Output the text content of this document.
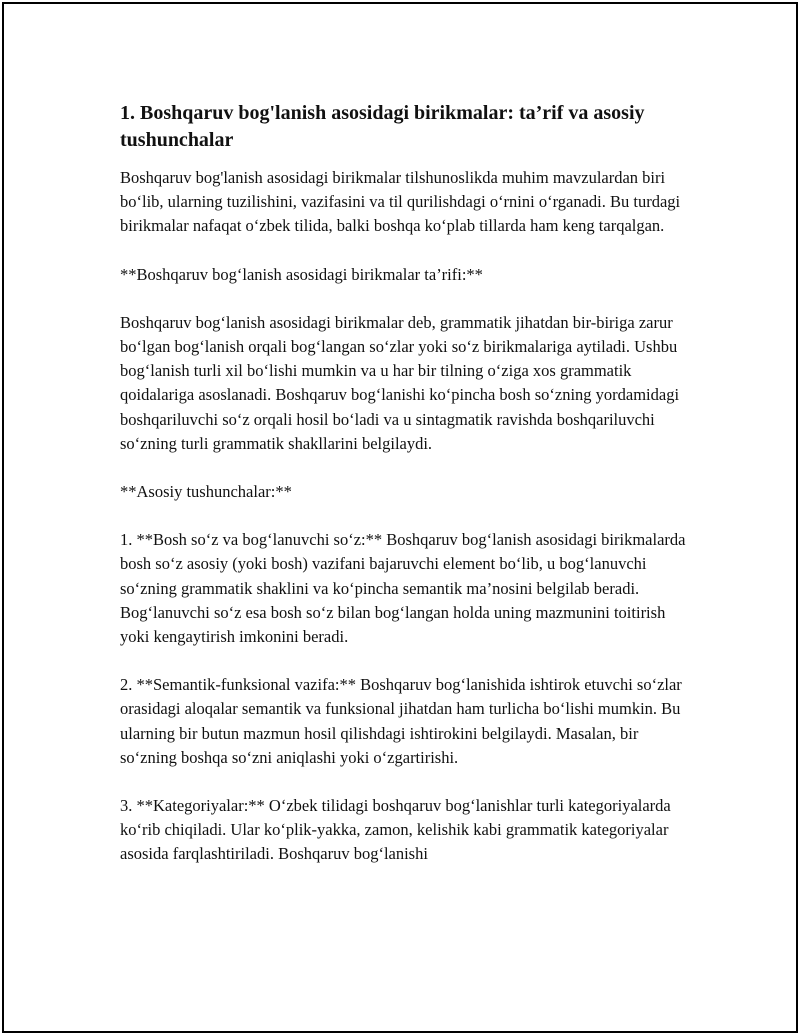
1. Boshqaruv bog'lanish asosidagi birikmalar: ta’rif va asosiy tushunchalar

Boshqaruv bog'lanish asosidagi birikmalar tilshunoslikda muhim mavzulardan biri bo‘lib, ularning tuzilishini, vazifasini va til qurilishdagi o‘rnini o‘rganadi. Bu turdagi birikmalar nafaqat o‘zbek tilida, balki boshqa ko‘plab tillarda ham keng tarqalgan.

**Boshqaruv bog‘lanish asosidagi birikmalar ta’rifi:**

Boshqaruv bog‘lanish asosidagi birikmalar deb, grammatik jihatdan bir-biriga zarur bo‘lgan bog‘lanish orqali bog‘langan so‘zlar yoki so‘z birikmalariga aytiladi. Ushbu bog‘lanish turli xil bo‘lishi mumkin va u har bir tilning o‘ziga xos grammatik qoidalariga asoslanadi. Boshqaruv bog‘lanishi ko‘pincha bosh so‘zning yordamidagi boshqariluvchi so‘z orqali hosil bo‘ladi va u sintagmatik ravishda boshqariluvchi so‘zning turli grammatik shakllarini belgilaydi.

**Asosiy tushunchalar:**

1. **Bosh so‘z va bog‘lanuvchi so‘z:** Boshqaruv bog‘lanish asosidagi birikmalarda bosh so‘z asosiy (yoki bosh) vazifani bajaruvchi element bo‘lib, u bog‘lanuvchi so‘zning grammatik shaklini va ko‘pincha semantik ma’nosini belgilab beradi. Bog‘lanuvchi so‘z esa bosh so‘z bilan bog‘langan holda uning mazmunini toitirish yoki kengaytirish imkonini beradi.

2. **Semantik-funksional vazifa:** Boshqaruv bog‘lanishida ishtirok etuvchi so‘zlar orasidagi aloqalar semantik va funksional jihatdan ham turlicha bo‘lishi mumkin. Bu ularning bir butun mazmun hosil qilishdagi ishtirokini belgilaydi. Masalan, bir so‘zning boshqa so‘zni aniqlashi yoki o‘zgartirishi.

3. **Kategoriyalar:** O‘zbek tilidagi boshqaruv bog‘lanishlar turli kategoriyalarda ko‘rib chiqiladi. Ular ko‘plik-yakka, zamon, kelishik kabi grammatik kategoriyalar asosida farqlashtiriladi. Boshqaruv bog‘lanishi
